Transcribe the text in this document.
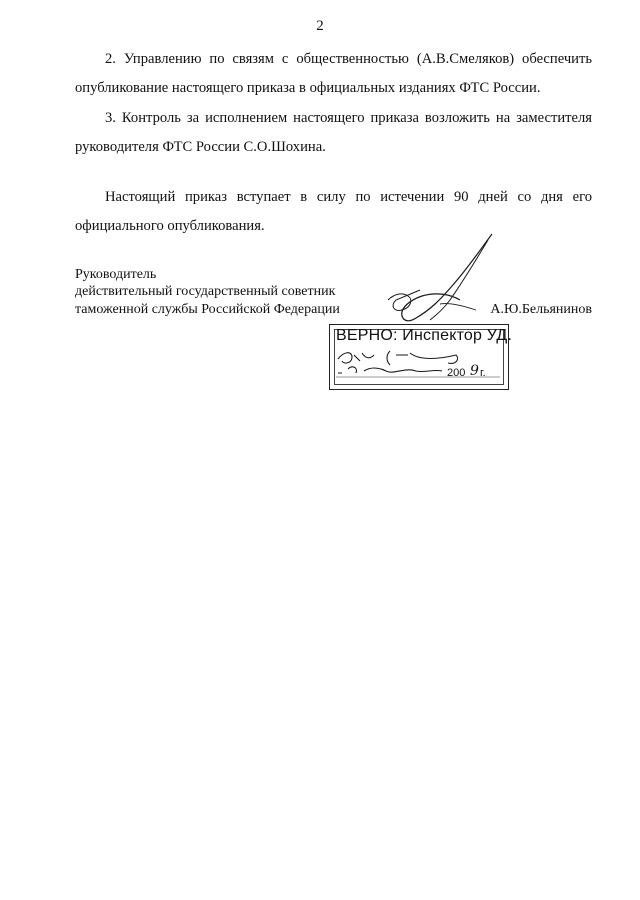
2

2. Управлению по связям с общественностью (А.В.Смеляков) обеспечить опубликование настоящего приказа в официальных изданиях ФТС России.

3. Контроль за исполнением настоящего приказа возложить на заместителя руководителя ФТС России С.О.Шохина.

Настоящий приказ вступает в силу по истечении 90 дней со дня его официального опубликования.

Руководитель
действительный государственный советник
таможенной службы Российской Федерации	А.Ю.Бельянинов
ВЕРНО: Инспектор УД.
200 9 г.
